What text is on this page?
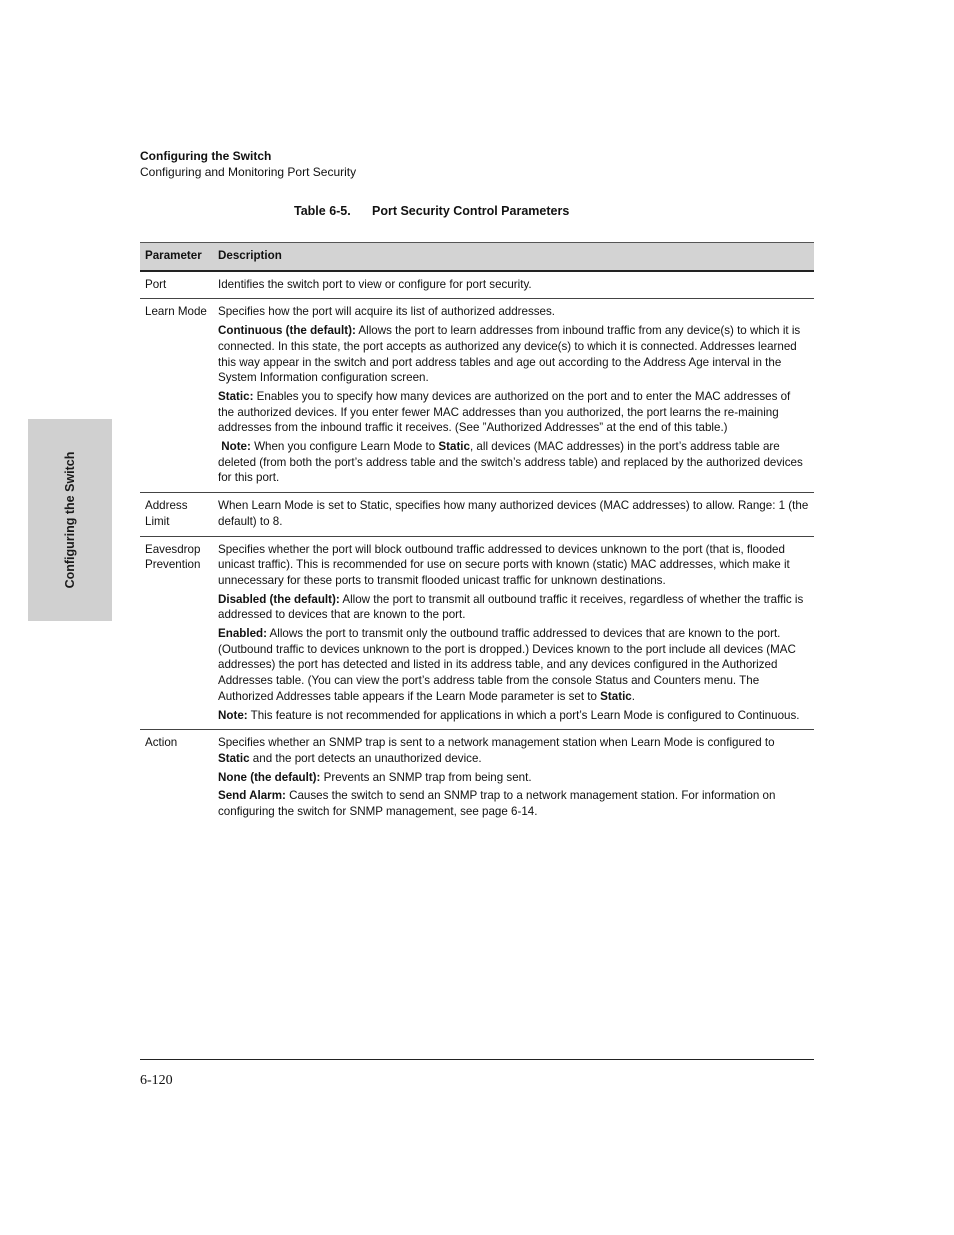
Configuring the Switch
Configuring the Switch
Configuring and Monitoring Port Security
Table 6-5. Port Security Control Parameters
Parameter	Description
Port	Identifies the switch port to view or configure for port security.

Learn Mode	Specifies how the port will acquire its list of authorized addresses.

Continuous (the default): Allows the port to learn addresses from inbound traffic from any device(s) to which it is connected. In this state, the port accepts as authorized any device(s) to which it is connected. Addresses learned this way appear in the switch and port address tables and age out according to the Address Age interval in the System Information configuration screen.

Static: Enables you to specify how many devices are authorized on the port and to enter the MAC addresses of the authorized devices. If you enter fewer MAC addresses than you authorized, the port learns the re-maining addresses from the inbound traffic it receives. (See ”Authorized Addresses” at the end of this table.)

Note: When you configure Learn Mode to Static, all devices (MAC addresses) in the port’s address table are deleted (from both the port’s address table and the switch’s address table) and replaced by the authorized devices for this port.

Address Limit	When Learn Mode is set to Static, specifies how many authorized devices (MAC addresses) to allow. Range: 1 (the default) to 8.

Eavesdrop Prevention	Specifies whether the port will block outbound traffic addressed to devices unknown to the port (that is, flooded unicast traffic). This is recommended for use on secure ports with known (static) MAC addresses, which make it unnecessary for these ports to transmit flooded unicast traffic for unknown destinations.

Disabled (the default): Allow the port to transmit all outbound traffic it receives, regardless of whether the traffic is addressed to devices that are known to the port.

Enabled: Allows the port to transmit only the outbound traffic addressed to devices that are known to the port. (Outbound traffic to devices unknown to the port is dropped.) Devices known to the port include all devices (MAC addresses) the port has detected and listed in its address table, and any devices configured in the Authorized Addresses table. (You can view the port’s address table from the console Status and Counters menu. The Authorized Addresses table appears if the Learn Mode parameter is set to Static.

Note: This feature is not recommended for applications in which a port’s Learn Mode is configured to Continuous.

Action	Specifies whether an SNMP trap is sent to a network management station when Learn Mode is configured to Static and the port detects an unauthorized device.

None (the default): Prevents an SNMP trap from being sent.

Send Alarm: Causes the switch to send an SNMP trap to a network management station. For information on configuring the switch for SNMP management, see page 6-14.

6-120
